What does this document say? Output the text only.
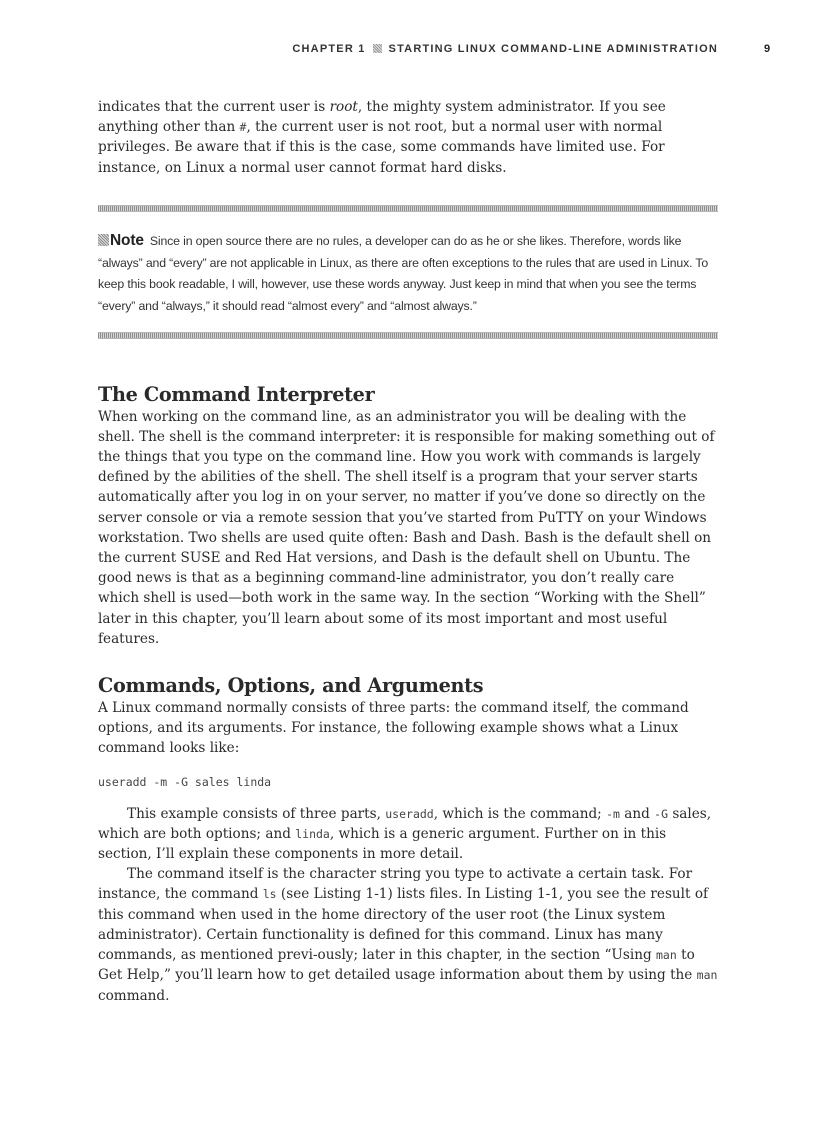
CHAPTER 1 STARTING LINUX COMMAND-LINE ADMINISTRATION	9

indicates that the current user is root, the mighty system administrator. If you see anything other than #, the current user is not root, but a normal user with normal privileges. Be aware that if this is the case, some commands have limited use. For instance, on Linux a normal user cannot format hard disks.

Note Since in open source there are no rules, a developer can do as he or she likes. Therefore, words like “always” and “every” are not applicable in Linux, as there are often exceptions to the rules that are used in Linux. To keep this book readable, I will, however, use these words anyway. Just keep in mind that when you see the terms “every” and “always,” it should read “almost every” and “almost always.”
The Command Interpreter

When working on the command line, as an administrator you will be dealing with the shell. The shell is the command interpreter: it is responsible for making something out of the things that you type on the command line. How you work with commands is largely defined by the abilities of the shell. The shell itself is a program that your server starts automatically after you log in on your server, no matter if you’ve done so directly on the server console or via a remote session that you’ve started from PuTTY on your Windows workstation. Two shells are used quite often: Bash and Dash. Bash is the default shell on the current SUSE and Red Hat versions, and Dash is the default shell on Ubuntu. The good news is that as a beginning command-line administrator, you don’t really care which shell is used—both work in the same way. In the section “Working with the Shell” later in this chapter, you’ll learn about some of its most important and most useful features.

Commands, Options, and Arguments

A Linux command normally consists of three parts: the command itself, the command options, and its arguments. For instance, the following example shows what a Linux command looks like:

useradd -m -G sales linda

This example consists of three parts, useradd, which is the command; -m and -G sales, which are both options; and linda, which is a generic argument. Further on in this section, I’ll explain these components in more detail.

The command itself is the character string you type to activate a certain task. For instance, the command ls (see Listing 1-1) lists files. In Listing 1-1, you see the result of this command when used in the home directory of the user root (the Linux system administrator). Certain functionality is defined for this command. Linux has many commands, as mentioned previ-ously; later in this chapter, in the section “Using man to Get Help,” you’ll learn how to get detailed usage information about them by using the man command.
